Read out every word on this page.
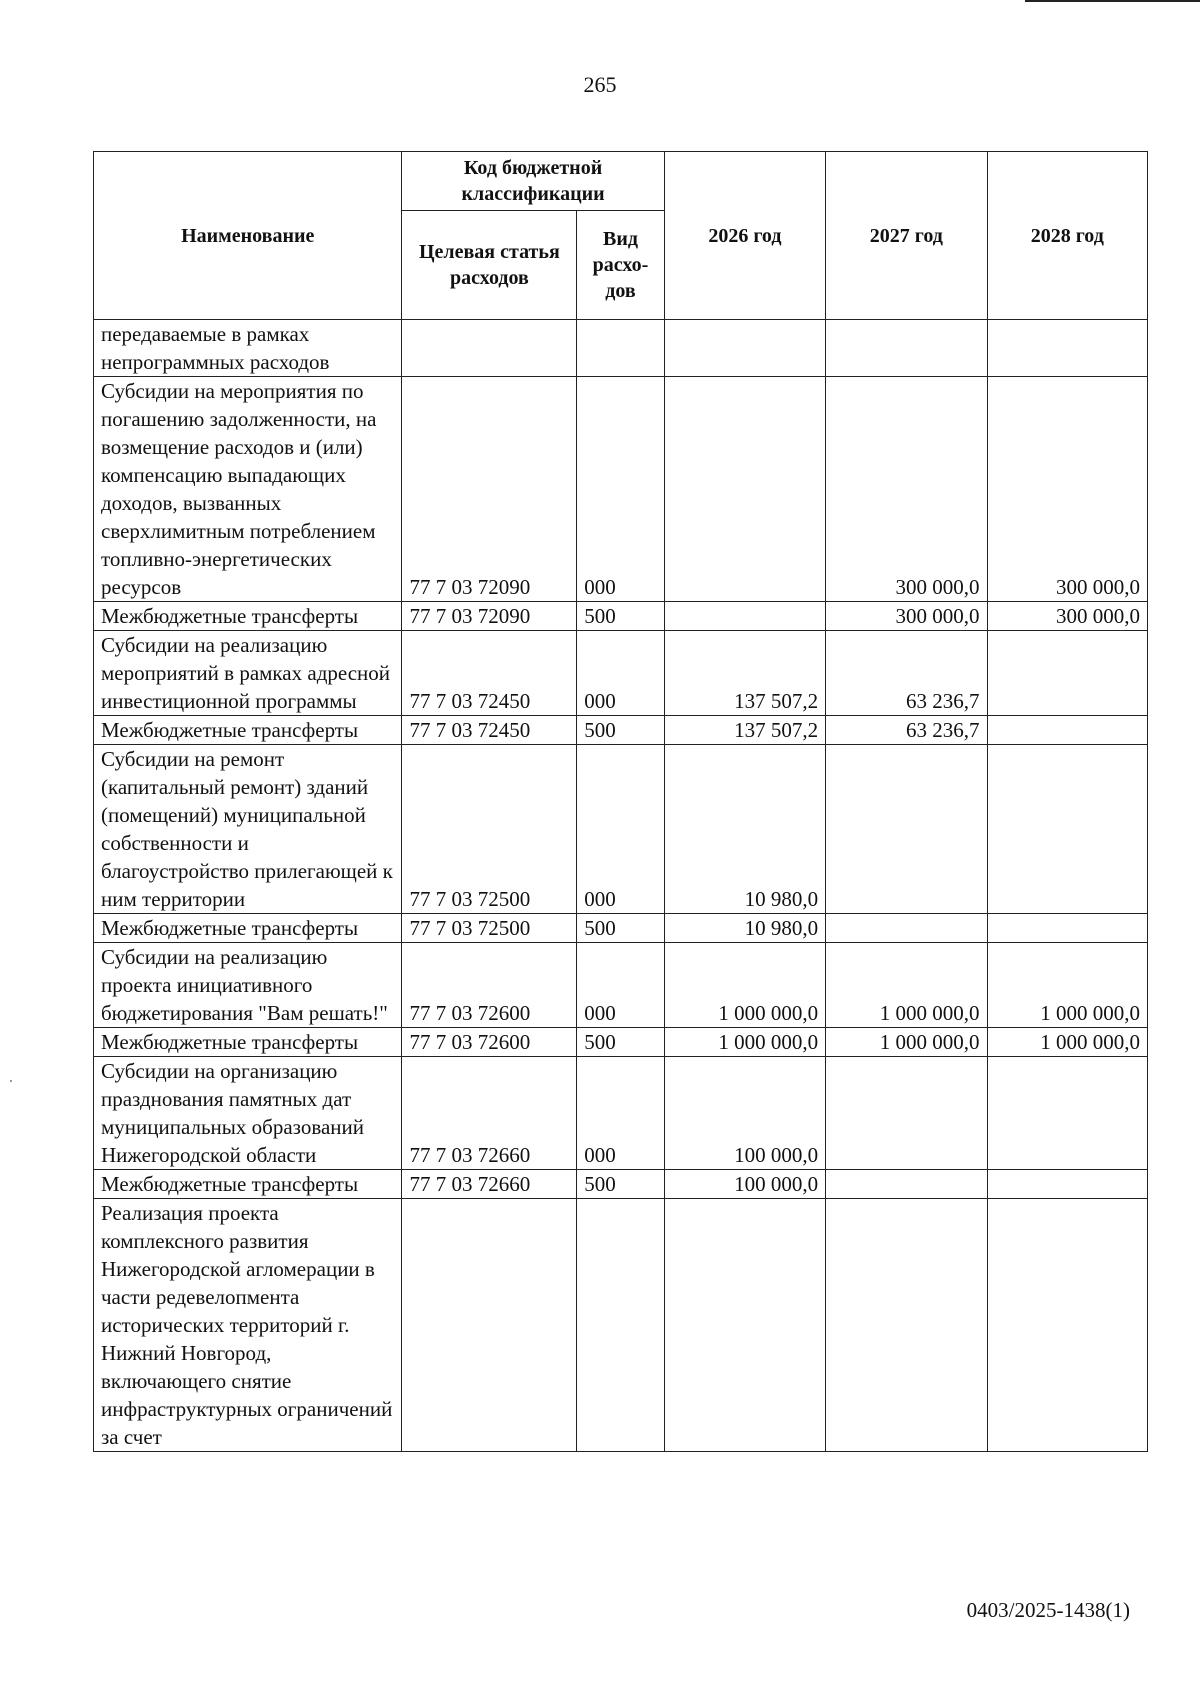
265
Наименование	Код бюджетной классификации		2026 год	2027 год	2028 год
	Целевая статья расходов	Вид расхо-дов			
передаваемые в рамках непрограммных расходов					
Субсидии на мероприятия по погашению задолженности, на возмещение расходов и (или) компенсацию выпадающих доходов, вызванных сверхлимитным потреблением топливно-энергетических ресурсов	77 7 03 72090	000		300 000,0	300 000,0
Межбюджетные трансферты	77 7 03 72090	500		300 000,0	300 000,0
Субсидии на реализацию мероприятий в рамках адресной инвестиционной программы	77 7 03 72450	000	137 507,2	63 236,7	
Межбюджетные трансферты	77 7 03 72450	500	137 507,2	63 236,7	
Субсидии на ремонт (капитальный ремонт) зданий (помещений) муниципальной собственности и благоустройство прилегающей к ним территории	77 7 03 72500	000	10 980,0		
Межбюджетные трансферты	77 7 03 72500	500	10 980,0		
Субсидии на реализацию проекта инициативного бюджетирования "Вам решать!"	77 7 03 72600	000	1 000 000,0	1 000 000,0	1 000 000,0
Межбюджетные трансферты	77 7 03 72600	500	1 000 000,0	1 000 000,0	1 000 000,0
Субсидии на организацию празднования памятных дат муниципальных образований Нижегородской области	77 7 03 72660	000	100 000,0		
Межбюджетные трансферты	77 7 03 72660	500	100 000,0		
Реализация проекта комплексного развития Нижегородской агломерации в части редевелопмента исторических территорий г. Нижний Новгород, включающего снятие инфраструктурных ограничений за счет					
0403/2025-1438(1)
